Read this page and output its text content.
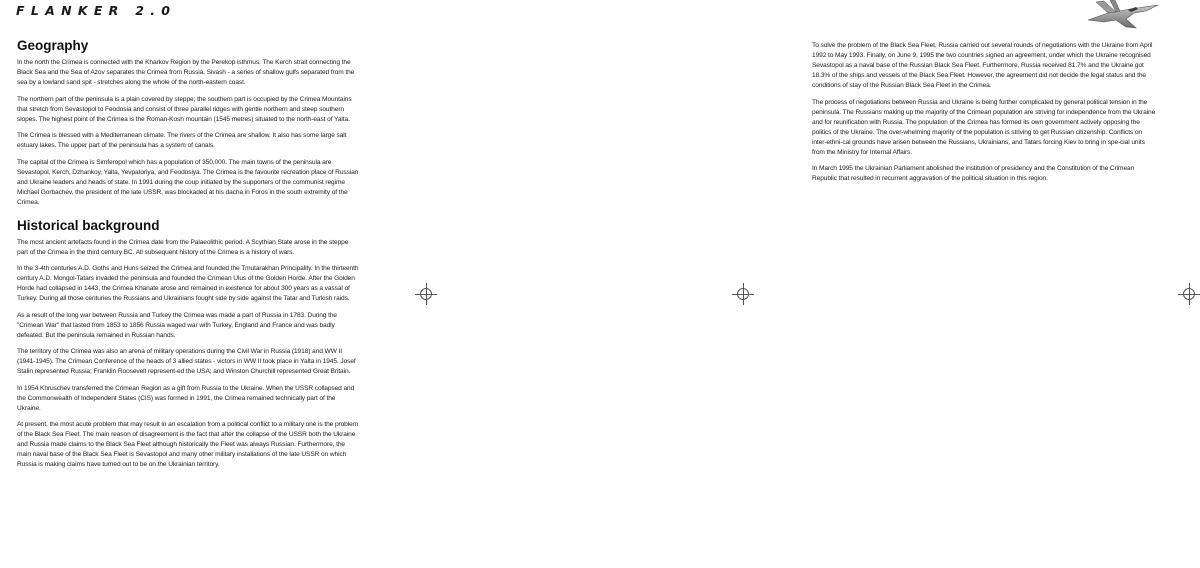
FLANKER 2.0
Geography

In the north the Crimea is connected with the Kharkov Region by the Perekop isthmus. The Kerch strait connecting the Black Sea and the Sea of Azov separates the Crimea from Russia. Sivash - a series of shallow gulfs separated from the sea by a lowland sand spit - stretches along the whole of the north-eastern coast.

The northern part of the peninsula is a plain covered by steppe; the southern part is occupied by the Crimea Mountains that stretch from Sevastopol to Feodosia and consist of three parallel ridges with gentle northern and steep southern slopes. The highest point of the Crimea is the Roman-Kosh mountain (1545 metres) situated to the north-east of Yalta.

The Crimea is blessed with a Mediterranean climate. The rivers of the Crimea are shallow. It also has some large salt estuary lakes. The upper part of the peninsula has a system of canals.

The capital of the Crimea is Simferopol which has a population of 350,000. The main towns of the peninsula are Sevastopol, Kerch, Dzhankoy, Yalta, Yevpatoriya, and Feodosiya. The Crimea is the favourite recreation place of Russian and Ukraine leaders and heads of state. In 1991 during the coup initiated by the supporters of the communist regime Michael Gorbachev, the president of the late USSR, was blockaded at his dacha in Foros in the south extremity of the Crimea.

Historical background

The most ancient artefacts found in the Crimea date from the Palaeolithic period. A Scythian State arose in the steppe part of the Crimea in the third century BC. All subsequent history of the Crimea is a history of wars.

In the 3-4th centuries A.D. Goths and Huns seized the Crimea and founded the Tmutarakhan Principality. In the thirteenth century A.D. Mongol-Tatars invaded the peninsula and founded the Crimean Ulus of the Golden Horde. After the Golden Horde had collapsed in 1443, the Crimea Khanate arose and remained in existence for about 300 years as a vassal of Turkey. During all those centuries the Russians and Ukrainians fought side by side against the Tatar and Turkish raids.

As a result of the long war between Russia and Turkey the Crimea was made a part of Russia in 1783. During the "Crimean War" that lasted from 1853 to 1856 Russia waged war with Turkey, England and France and was badly defeated. But the peninsula remained in Russian hands.

The territory of the Crimea was also an arena of military operations during the Civil War in Russia (1918) and WW II (1941-1945). The Crimean Conference of the heads of 3 allied states - victors in WW II took place in Yalta in 1945. Josef Stalin represented Russia; Franklin Roosevelt represent-ed the USA; and Winston Churchill represented Great Britain.

In 1954 Khruschev transferred the Crimean Region as a gift from Russia to the Ukraine. When the USSR collapsed and the Commonwealth of Independent States (CIS) was formed in 1991, the Crimea remained technically part of the Ukraine.

At present, the most acute problem that may result in an escalation from a political conflict to a military one is the problem of the Black Sea Fleet. The main reason of disagreement is the fact that after the collapse of the USSR both the Ukraine and Russia made claims to the Black Sea Fleet although historically the Fleet was always Russian. Furthermore, the main naval base of the Black Sea Fleet is Sevastopol and many other military installations of the late USSR on which Russia is making claims have turned out to be on the Ukrainian territory.

To solve the problem of the Black Sea Fleet, Russia carried out several rounds of negotiations with the Ukraine from April 1992 to May 1993. Finally, on June 9, 1995 the two countries signed an agreement, under which the Ukraine recognised Sevastopol as a naval base of the Russian Black Sea Fleet. Furthermore, Russia received 81.7% and the Ukraine got 18.3% of the ships and vessels of the Black Sea Fleet. However, the agreement did not decide the legal status and the conditions of stay of the Russian Black Sea Fleet in the Crimea.

The process of negotiations between Russia and Ukraine is being further complicated by general political tension in the peninsula. The Russians making up the majority of the Crimean population are striving for independence from the Ukraine and for reunification with Russia. The population of the Crimea has formed its own government actively opposing the politics of the Ukraine. The over-whelming majority of the population is striving to get Russian citizenship. Conflicts on inter-ethni-cal grounds have arisen between the Russians, Ukrainians, and Tatars forcing Kiev to bring in spe-cial units from the Ministry for Internal Affairs.

In March 1995 the Ukrainian Parliament abolished the institution of presidency and the Constitution of the Crimean Republic that resulted in recurrent aggravation of the political situation in this region.
